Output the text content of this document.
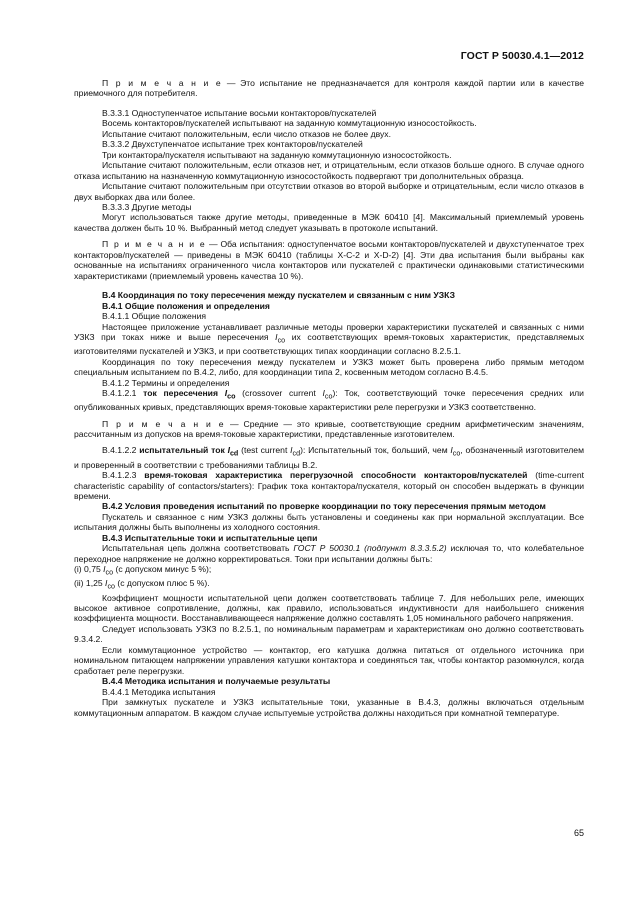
ГОСТ Р 50030.4.1—2012

П р и м е ч а н и е — Это испытание не предназначается для контроля каждой партии или в качестве приемочного для потребителя.

В.3.3.1 Одноступенчатое испытание восьми контакторов/пускателей

Восемь контакторов/пускателей испытывают на заданную коммутационную износостойкость.

Испытание считают положительным, если число отказов не более двух.

В.3.3.2 Двухступенчатое испытание трех контакторов/пускателей

Три контактора/пускателя испытывают на заданную коммутационную износостойкость.

Испытание считают положительным, если отказов нет, и отрицательным, если отказов больше одного. В случае одного отказа испытанию на назначенную коммутационную износостойкость подвергают три дополнительных образца.

Испытание считают положительным при отсутствии отказов во второй выборке и отрицательным, если число отказов в двух выборках два или более.

В.3.3.3 Другие методы

Могут использоваться также другие методы, приведенные в МЭК 60410 [4]. Максимальный приемлемый уровень качества должен быть 10 %. Выбранный метод следует указывать в протоколе испытаний.

П р и м е ч а н и е — Оба испытания: одноступенчатое восьми контакторов/пускателей и двухступенчатое трех контакторов/пускателей — приведены в МЭК 60410 (таблицы X-C-2 и X-D-2) [4]. Эти два испытания были выбраны как основанные на испытаниях ограниченного числа контакторов или пускателей с практически одинаковыми статистическими характеристиками (приемлемый уровень качества 10 %).

В.4 Координация по току пересечения между пускателем и связанным с ним УЗКЗ

В.4.1 Общие положения и определения

В.4.1.1 Общие положения

Настоящее приложение устанавливает различные методы проверки характеристики пускателей и связанных с ними УЗКЗ при токах ниже и выше пересечения $I_{co}$ их соответствующих время-токовых характеристик, представляемых изготовителями пускателей и УЗКЗ, и при соответствующих типах координации согласно 8.2.5.1.

Координация по току пересечения между пускателем и УЗКЗ может быть проверена либо прямым методом специальным испытанием по В.4.2, либо, для координации типа 2, косвенным методом согласно В.4.5.

В.4.1.2 Термины и определения

В.4.1.2.1 ток пересечения $I_{co}$ (crossover current $I_{co}$): Ток, соответствующий точке пересечения средних или опубликованных кривых, представляющих время-токовые характеристики реле перегрузки и УЗКЗ соответственно.

П р и м е ч а н и е — Средние — это кривые, соответствующие средним арифметическим значениям, рассчитанным из допусков на время-токовые характеристики, представленные изготовителем.

В.4.1.2.2 испытательный ток $I_{cd}$ (test current $I_{cd}$): Испытательный ток, больший, чем $I_{co}$, обозначенный изготовителем и проверенный в соответствии с требованиями таблицы В.2.

В.4.1.2.3 время-токовая характеристика перегрузочной способности контакторов/пускателей (time-current characteristic capability of contactors/starters): График тока контактора/пускателя, который он способен выдержать в функции времени.

В.4.2 Условия проведения испытаний по проверке координации по току пересечения прямым методом

Пускатель и связанное с ним УЗКЗ должны быть установлены и соединены как при нормальной эксплуатации. Все испытания должны быть выполнены из холодного состояния.

В.4.3 Испытательные токи и испытательные цепи

Испытательная цепь должна соответствовать ГОСТ Р 50030.1 (подпункт 8.3.3.5.2) исключая то, что колебательное переходное напряжение не должно корректироваться. Токи при испытании должны быть:

(i) 0,75 $I_{co}$ (с допуском минус 5 %);

(ii) 1,25 $I_{co}$ (с допуском плюс 5 %).

Коэффициент мощности испытательной цепи должен соответствовать таблице 7. Для небольших реле, имеющих высокое активное сопротивление, должны, как правило, использоваться индуктивности для наибольшего снижения коэффициента мощности. Восстанавливающееся напряжение должно составлять 1,05 номинального рабочего напряжения.

Следует использовать УЗКЗ по 8.2.5.1, по номинальным параметрам и характеристикам оно должно соответствовать 9.3.4.2.

Если коммутационное устройство — контактор, его катушка должна питаться от отдельного источника при номинальном питающем напряжении управления катушки контактора и соединяться так, чтобы контактор разомкнулся, когда сработает реле перегрузки.

В.4.4 Методика испытания и получаемые результаты

В.4.4.1 Методика испытания

При замкнутых пускателе и УЗКЗ испытательные токи, указанные в В.4.3, должны включаться отдельным коммутационным аппаратом. В каждом случае испытуемые устройства должны находиться при комнатной температуре.

65
